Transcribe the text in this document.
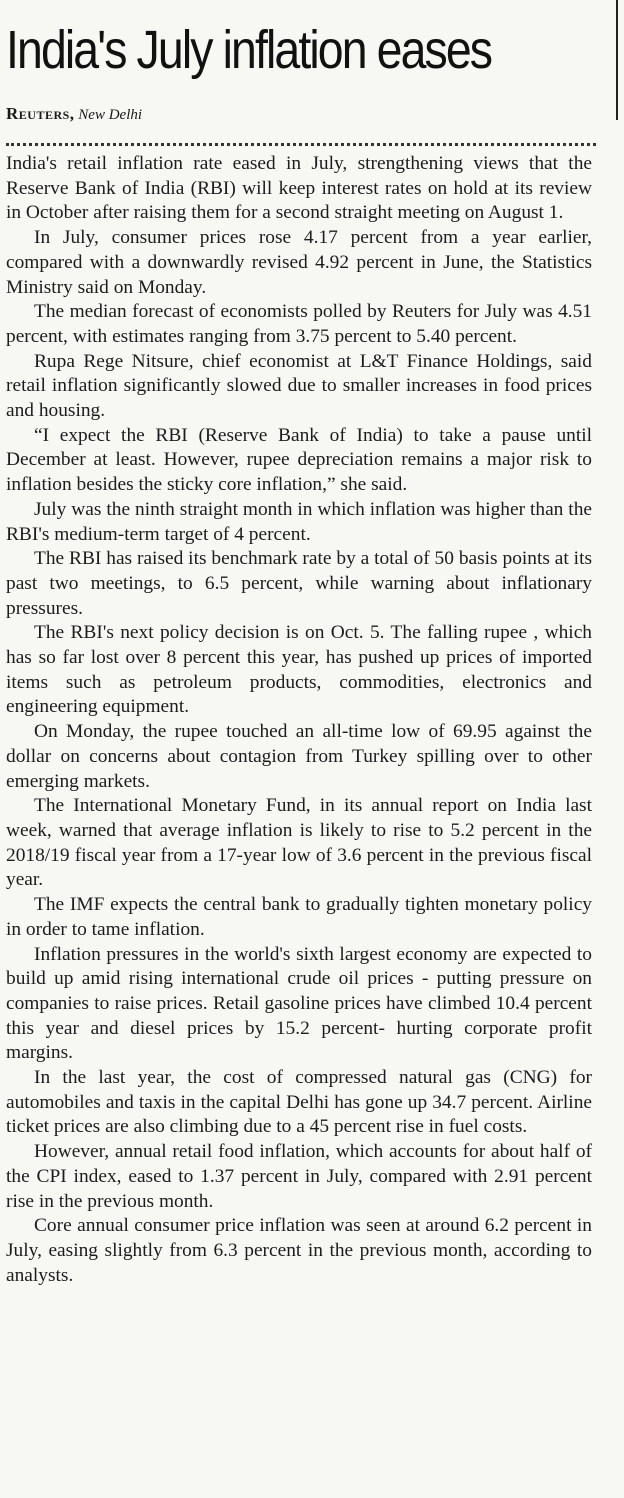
India's July inflation eases
Reuters, New Delhi

India's retail inflation rate eased in July, strengthening views that the Reserve Bank of India (RBI) will keep interest rates on hold at its review in October after raising them for a second straight meeting on August 1.

In July, consumer prices rose 4.17 percent from a year earlier, compared with a downwardly revised 4.92 percent in June, the Statistics Ministry said on Monday.

The median forecast of economists polled by Reuters for July was 4.51 percent, with estimates ranging from 3.75 percent to 5.40 percent.

Rupa Rege Nitsure, chief economist at L&T Finance Holdings, said retail inflation significantly slowed due to smaller increases in food prices and housing.

“I expect the RBI (Reserve Bank of India) to take a pause until December at least. However, rupee depreciation remains a major risk to inflation besides the sticky core inflation,” she said.

July was the ninth straight month in which inflation was higher than the RBI's medium-term target of 4 percent.

The RBI has raised its benchmark rate by a total of 50 basis points at its past two meetings, to 6.5 percent, while warning about inflationary pressures.

The RBI's next policy decision is on Oct. 5. The falling rupee , which has so far lost over 8 percent this year, has pushed up prices of imported items such as petroleum products, commodities, electronics and engineering equipment.

On Monday, the rupee touched an all-time low of 69.95 against the dollar on concerns about contagion from Turkey spilling over to other emerging markets.

The International Monetary Fund, in its annual report on India last week, warned that average inflation is likely to rise to 5.2 percent in the 2018/19 fiscal year from a 17-year low of 3.6 percent in the previous fiscal year.

The IMF expects the central bank to gradually tighten monetary policy in order to tame inflation.

Inflation pressures in the world's sixth largest economy are expected to build up amid rising international crude oil prices - putting pressure on companies to raise prices. Retail gasoline prices have climbed 10.4 percent this year and diesel prices by 15.2 percent- hurting corporate profit margins.

In the last year, the cost of compressed natural gas (CNG) for automobiles and taxis in the capital Delhi has gone up 34.7 percent. Airline ticket prices are also climbing due to a 45 percent rise in fuel costs.

However, annual retail food inflation, which accounts for about half of the CPI index, eased to 1.37 percent in July, compared with 2.91 percent rise in the previous month.

Core annual consumer price inflation was seen at around 6.2 percent in July, easing slightly from 6.3 percent in the previous month, according to analysts.
